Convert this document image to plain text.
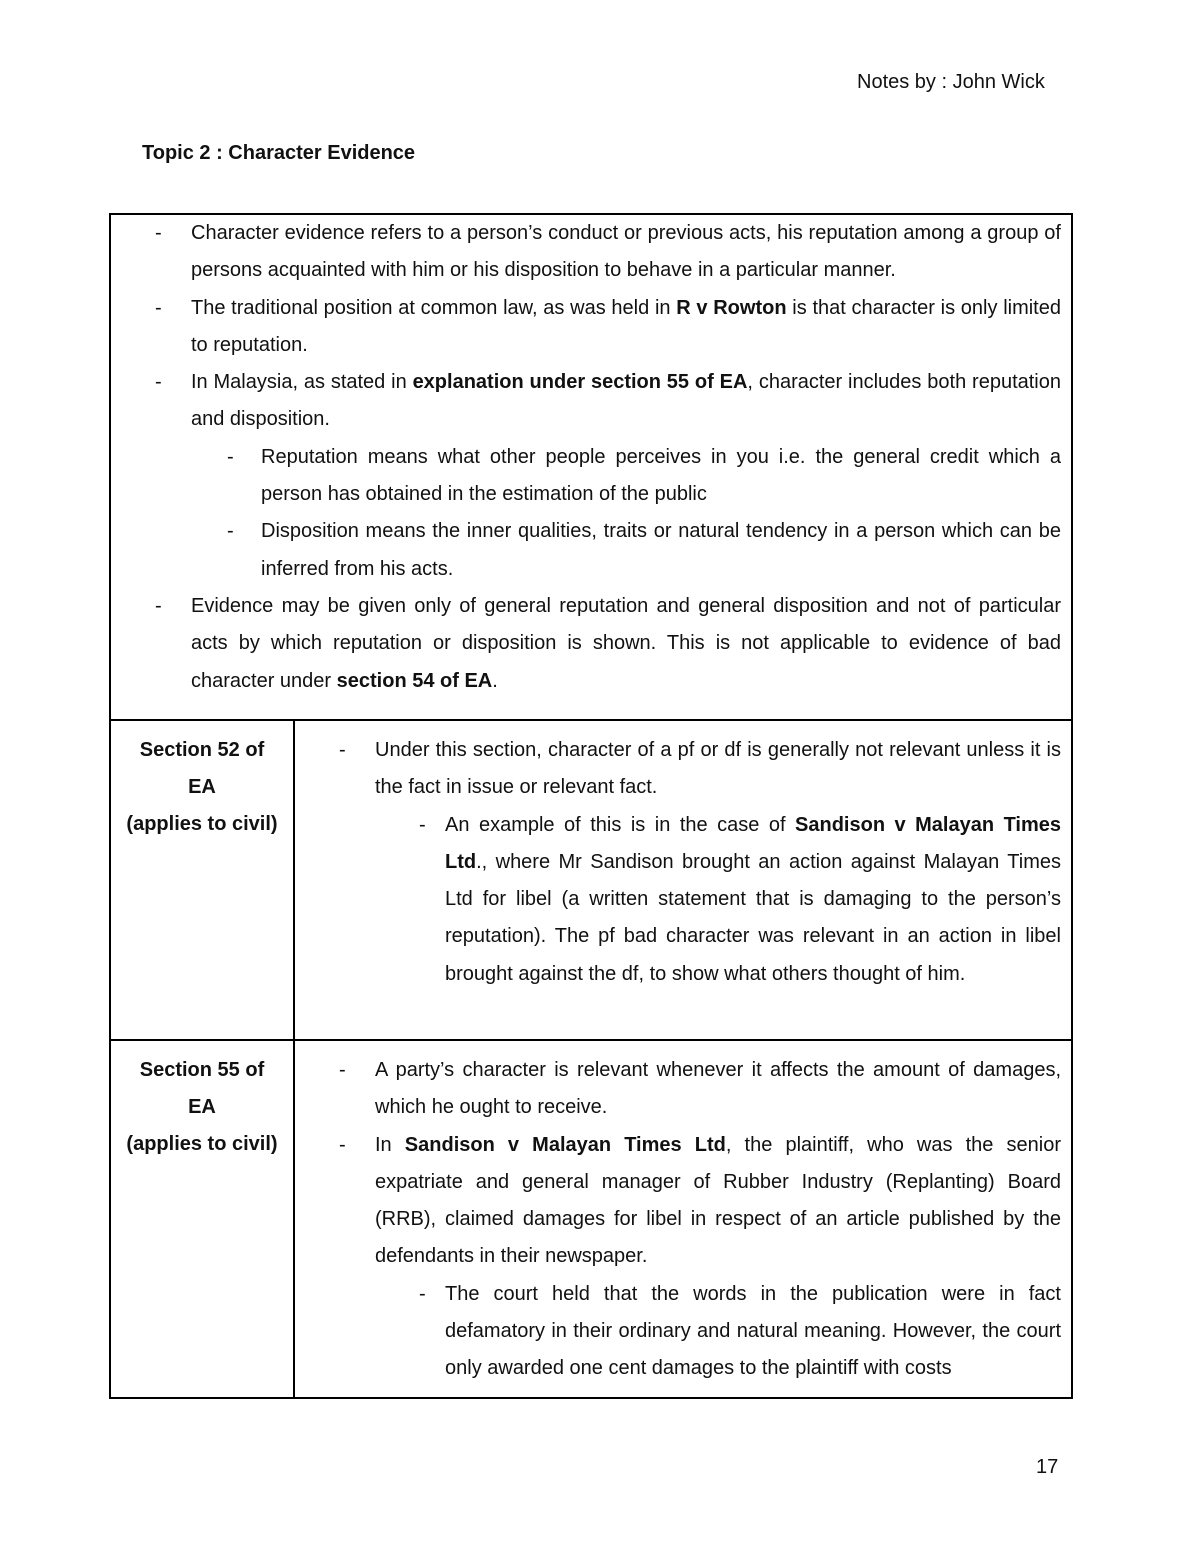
Notes by : John Wick
Topic 2 : Character Evidence
- Character evidence refers to a person’s conduct or previous acts, his reputation among a group of persons acquainted with him or his disposition to behave in a particular manner.
- The traditional position at common law, as was held in R v Rowton is that character is only limited to reputation.
- In Malaysia, as stated in explanation under section 55 of EA, character includes both reputation and disposition.
- Reputation means what other people perceives in you i.e. the general credit which a person has obtained in the estimation of the public
- Disposition means the inner qualities, traits or natural tendency in a person which can be inferred from his acts.
- Evidence may be given only of general reputation and general disposition and not of particular acts by which reputation or disposition is shown. This is not applicable to evidence of bad character under section 54 of EA.
Section 52 of
EA
(applies to civil)
- Under this section, character of a pf or df is generally not relevant unless it is the fact in issue or relevant fact.
- An example of this is in the case of Sandison v Malayan Times Ltd., where Mr Sandison brought an action against Malayan Times Ltd for libel (a written statement that is damaging to the person’s reputation). The pf bad character was relevant in an action in libel brought against the df, to show what others thought of him.
Section 55 of
EA
(applies to civil)
- A party’s character is relevant whenever it affects the amount of damages, which he ought to receive.
- In Sandison v Malayan Times Ltd, the plaintiff, who was the senior expatriate and general manager of Rubber Industry (Replanting) Board (RRB), claimed damages for libel in respect of an article published by the defendants in their newspaper.
- The court held that the words in the publication were in fact defamatory in their ordinary and natural meaning. However, the court only awarded one cent damages to the plaintiff with costs
17
